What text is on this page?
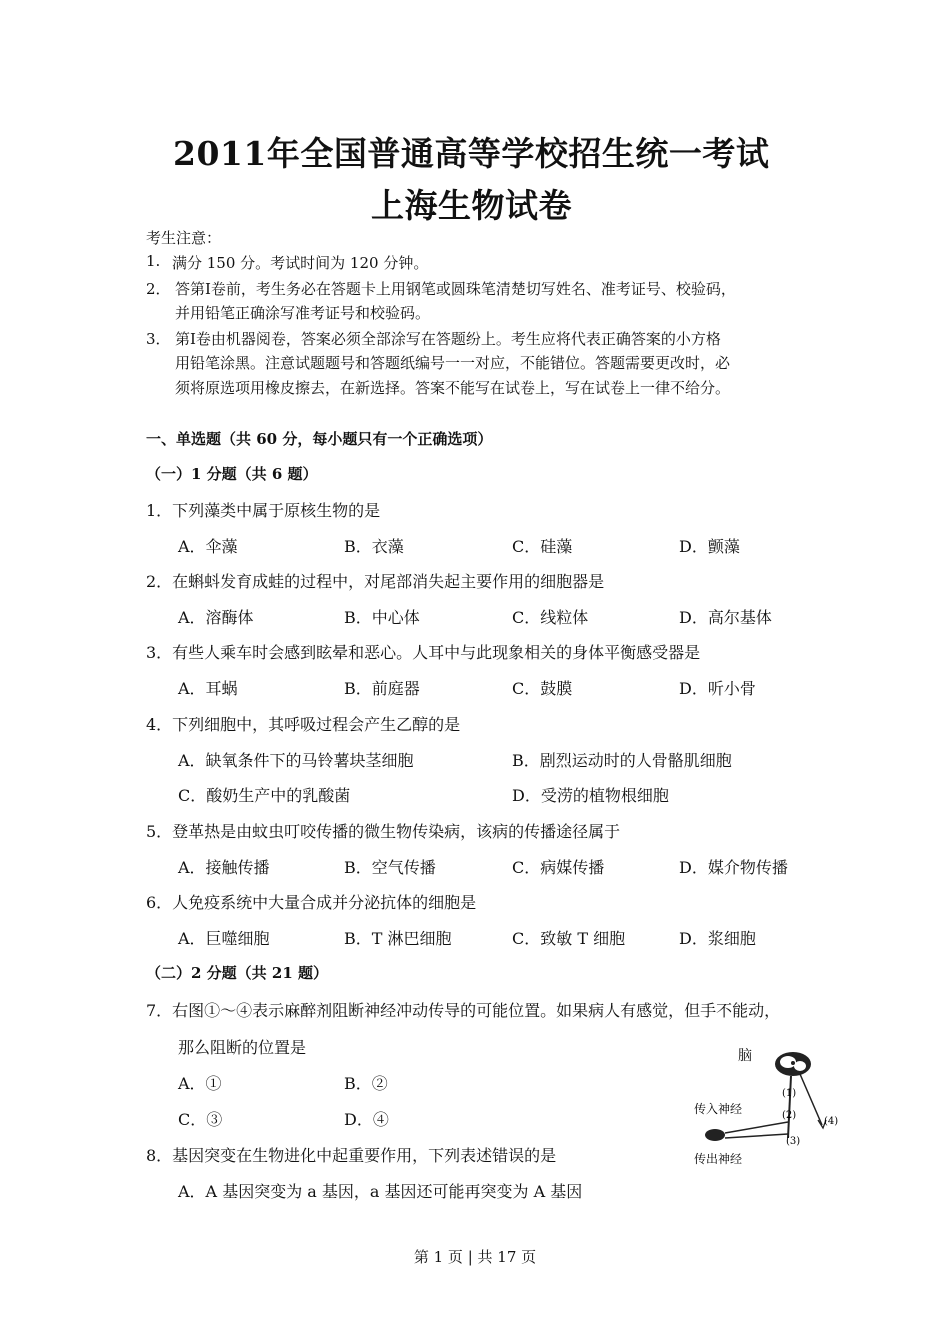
2011年全国普通高等学校招生统一考试
上海生物试卷
考生注意：
1. 满分 150 分。考试时间为 120 分钟。
2． 答第Ⅰ卷前，考生务必在答题卡上用钢笔或圆珠笔清楚切写姓名、准考证号、校验码，
并用铅笔正确涂写准考证号和校验码。
3． 第Ⅰ卷由机器阅卷，答案必须全部涂写在答题纷上。考生应将代表正确答案的小方格
用铅笔涂黑。注意试题题号和答题纸编号一一对应，不能错位。答题需要更改时，必
须将原选项用橡皮擦去，在新选择。答案不能写在试卷上，写在试卷上一律不给分。
一、单选题（共 60 分，每小题只有一个正确选项）
（一）1 分题（共 6 题）
1．下列藻类中属于原核生物的是
A．伞藻	B．衣藻	C．硅藻	D．颤藻
2．在蝌蚪发育成蛙的过程中，对尾部消失起主要作用的细胞器是
A．溶酶体	B．中心体	C．线粒体	D．高尔基体
3．有些人乘车时会感到眩晕和恶心。人耳中与此现象相关的身体平衡感受器是
A．耳蜗	B．前庭器	C．鼓膜	D．听小骨
4．下列细胞中，其呼吸过程会产生乙醇的是
A．缺氧条件下的马铃薯块茎细胞	B．剧烈运动时的人骨骼肌细胞
C．酸奶生产中的乳酸菌	D．受涝的植物根细胞
5．登革热是由蚊虫叮咬传播的微生物传染病，该病的传播途径属于
A．接触传播	B．空气传播	C．病媒传播	D．媒介物传播
6．人免疫系统中大量合成并分泌抗体的细胞是
A．巨噬细胞	B．T 淋巴细胞	C．致敏 T 细胞	D．浆细胞
（二）2 分题（共 21 题）
7．右图①～④表示麻醉剂阻断神经冲动传导的可能位置。如果病人有感觉，但手不能动，
那么阻断的位置是
A．①	B．②
C．③	D．④
脑
(1)
(2)
(3)
(4)
传入神经
传出神经
8．基因突变在生物进化中起重要作用，下列表述错误的是
A．A 基因突变为 a 基因，a 基因还可能再突变为 A 基因
第 1 页 | 共 17 页
